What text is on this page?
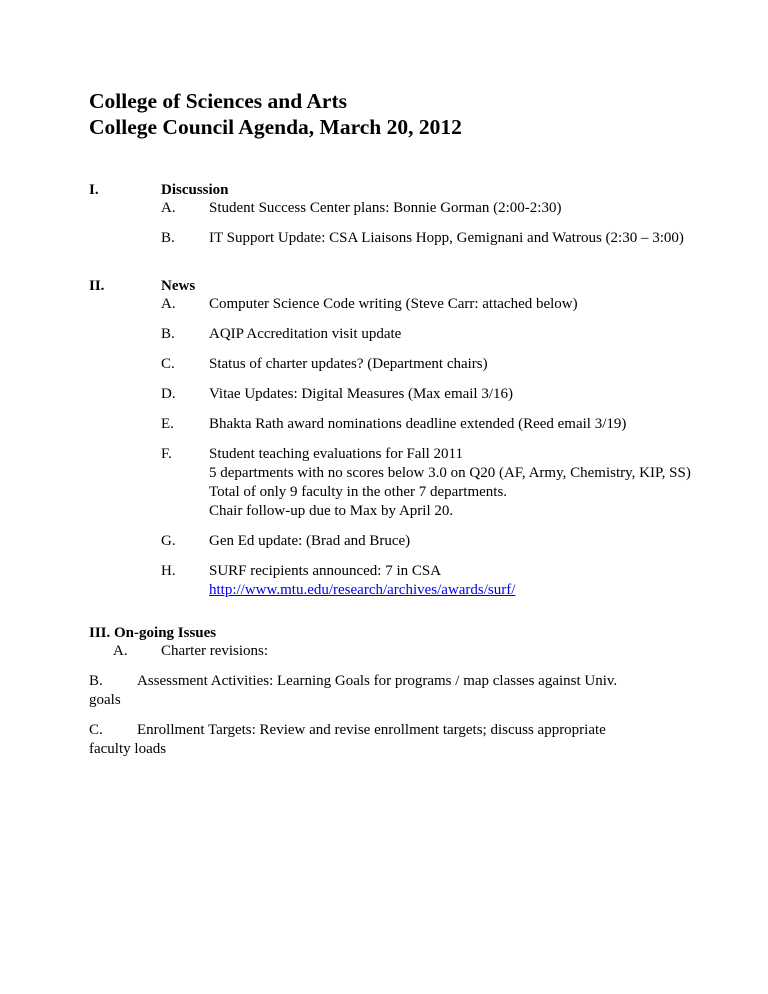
College of Sciences and Arts
College Council Agenda, March 20, 2012
I.	Discussion
A. Student Success Center plans: Bonnie Gorman (2:00-2:30)
B. IT Support Update: CSA Liaisons Hopp, Gemignani and Watrous (2:30 – 3:00)
II.	News
A. Computer Science Code writing (Steve Carr: attached below)
B. AQIP Accreditation visit update
C. Status of charter updates? (Department chairs)
D. Vitae Updates: Digital Measures (Max email 3/16)
E. Bhakta Rath award nominations deadline extended (Reed email 3/19)
F. Student teaching evaluations for Fall 2011
5 departments with no scores below 3.0 on Q20 (AF, Army, Chemistry, KIP, SS)
Total of only 9 faculty in the other 7 departments.
Chair follow-up due to Max by April 20.
G. Gen Ed update: (Brad and Bruce)
H. SURF recipients announced: 7 in CSA
http://www.mtu.edu/research/archives/awards/surf/
III. On-going Issues
A. Charter revisions:
B. Assessment Activities: Learning Goals for programs / map classes against Univ.
goals
C. Enrollment Targets: Review and revise enrollment targets; discuss appropriate
faculty loads
